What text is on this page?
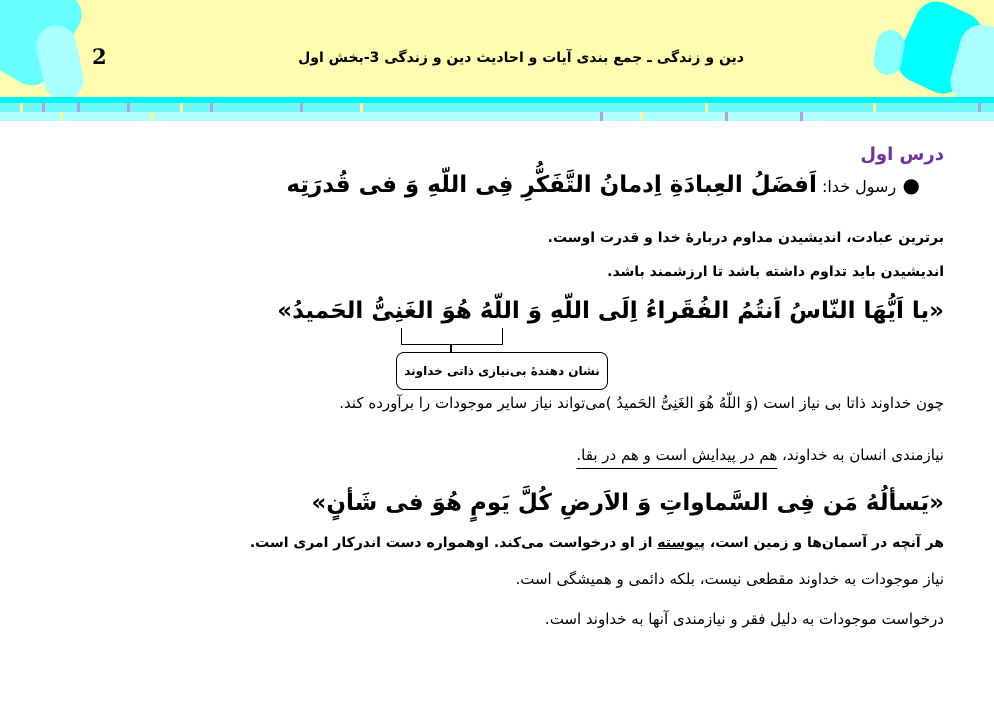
2	دین و زندگی ـ جمع بندی آیات و احادیث دین و زندگی 3-بخش اول
درس اول
● رسول خدا: اَفضَلُ العِبادَةِ اِدمانُ التَّفَکُّرِ فِی اللّهِ وَ فی قُدرَتِه
برترین عبادت، اندیشیدن مداوم دربارهٔ خدا و قدرت اوست.
اندیشیدن باید تداوم داشته باشد تا ارزشمند باشد.
«یا اَیُّهَا النّاسُ اَنتُمُ الفُقَراءُ اِلَی اللّهِ وَ اللّهُ هُوَ الغَنِیُّ الحَمیدُ»
نشان دهندهٔ بی‌نیازی ذاتی خداوند
چون خداوند ذاتا بی نیاز است (وَ اللّهُ هُوَ الغَنِیُّ الحَمیدُ )می‌تواند نیاز سایر موجودات را برآورده کند.
نیازمندی انسان به خداوند، هم در پیدایش است و هم در بقا.
«یَسألُهُ مَن فِی السَّماواتِ وَ الاَرضِ کُلَّ یَومٍ هُوَ فی شَأنٍ»
هر آنچه در آسمان‌ها و زمین است، پیوسته از او درخواست می‌کند. اوهمواره دست اندرکار امری است.
نیاز موجودات به خداوند مقطعی نیست، بلکه دائمی و همیشگی است.
درخواست موجودات به دلیل فقر و نیازمندی آنها به خداوند است.
